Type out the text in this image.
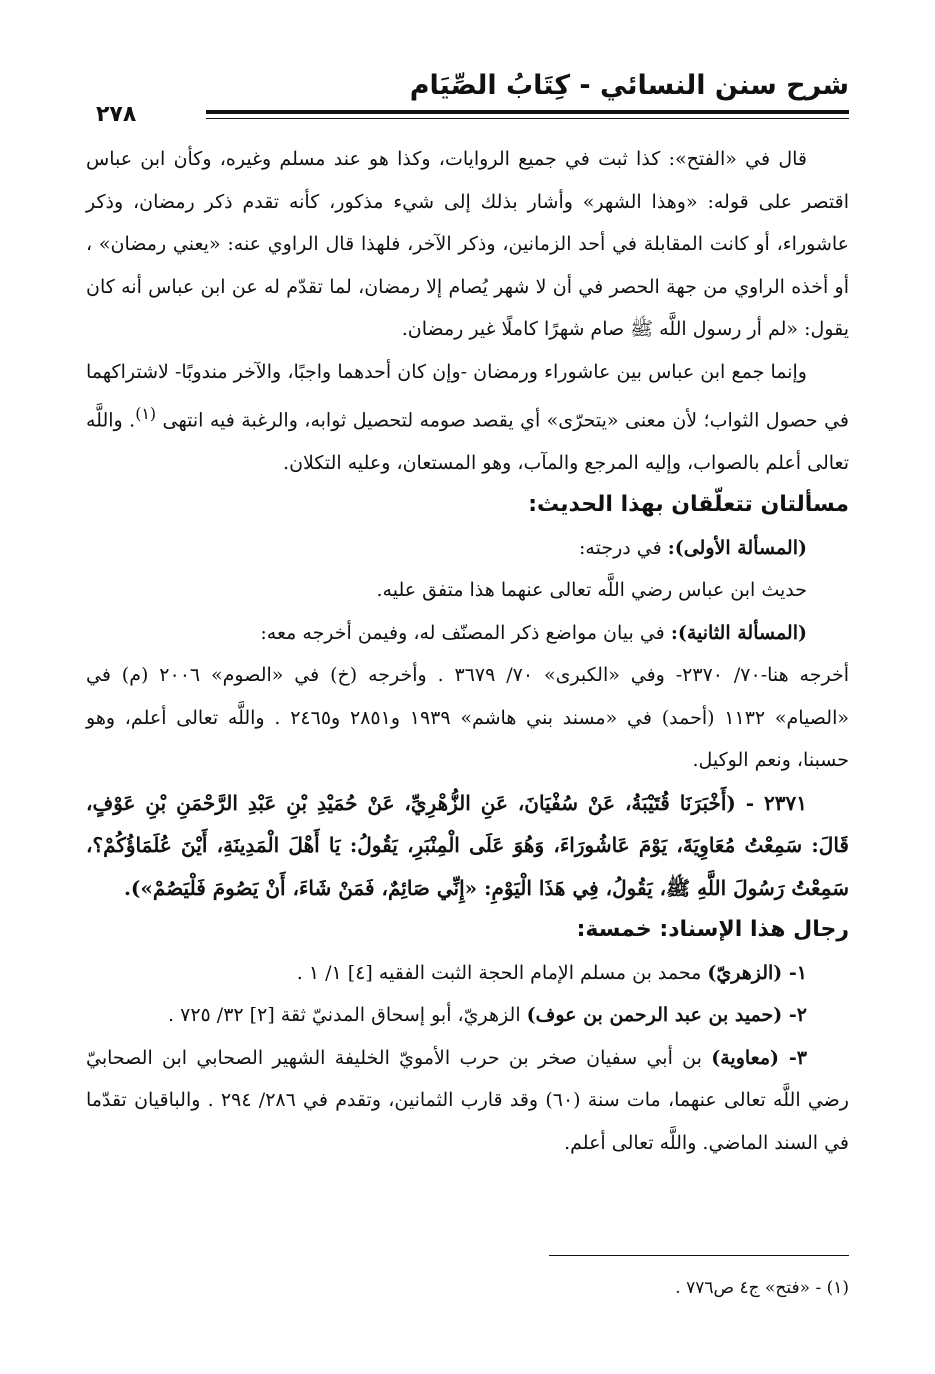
شرح سنن النسائي - كِتَابُ الصِّيَام
٢٧٨

قال في «الفتح»: كذا ثبت في جميع الروايات، وكذا هو عند مسلم وغيره، وكأن ابن عباس اقتصر على قوله: «وهذا الشهر» وأشار بذلك إلى شيء مذكور، كأنه تقدم ذكر رمضان، وذكر عاشوراء، أو كانت المقابلة في أحد الزمانين، وذكر الآخر، فلهذا قال الراوي عنه: «يعني رمضان» ، أو أخذه الراوي من جهة الحصر في أن لا شهر يُصام إلا رمضان، لما تقدّم له عن ابن عباس أنه كان يقول: «لم أر رسول اللَّه ﷺ صام شهرًا كاملًا غير رمضان.

وإنما جمع ابن عباس بين عاشوراء ورمضان -وإن كان أحدهما واجبًا، والآخر مندوبًا- لاشتراكهما في حصول الثواب؛ لأن معنى «يتحرّى» أي يقصد صومه لتحصيل ثوابه، والرغبة فيه انتهى $^{(١)}$. واللَّه تعالى أعلم بالصواب، وإليه المرجع والمآب، وهو المستعان، وعليه التكلان.

مسألتان تتعلّقان بهذا الحديث:

(المسألة الأولى): في درجته:

حديث ابن عباس رضي اللَّه تعالى عنهما هذا متفق عليه.

(المسألة الثانية): في بيان مواضع ذكر المصنّف له، وفيمن أخرجه معه:

أخرجه هنا-٧٠/ ٢٣٧٠- وفي «الكبرى» ٧٠/ ٣٦٧٩ . وأخرجه (خ) في «الصوم» ٢٠٠٦ (م) في «الصيام» ١١٣٢ (أحمد) في «مسند بني هاشم» ١٩٣٩ و٢٨٥١ و٢٤٦٥ . واللَّه تعالى أعلم، وهو حسبنا، ونعم الوكيل.

٢٣٧١ - (أَخْبَرَنَا قُتَيْبَةُ، عَنْ سُفْيَانَ، عَنِ الزُّهْرِيِّ، عَنْ حُمَيْدِ بْنِ عَبْدِ الرَّحْمَنِ بْنِ عَوْفٍ، قَالَ: سَمِعْتُ مُعَاوِيَةَ، يَوْمَ عَاشُورَاءَ، وَهُوَ عَلَى الْمِنْبَرِ، يَقُولُ: يَا أَهْلَ الْمَدِينَةِ، أَيْنَ عُلَمَاؤُكُمْ؟، سَمِعْتُ رَسُولَ اللَّهِ ﷺ، يَقُولُ، فِي هَذَا الْيَوْمِ: «إِنِّي صَائِمٌ، فَمَنْ شَاءَ، أَنْ يَصُومَ فَلْيَصُمْ»).

رجال هذا الإسناد: خمسة:

١- (الزهريّ) محمد بن مسلم الإمام الحجة الثبت الفقيه [٤] ١/ ١ .

٢- (حميد بن عبد الرحمن بن عوف) الزهريّ، أبو إسحاق المدنيّ ثقة [٢] ٣٢/ ٧٢٥ .

٣- (معاوية) بن أبي سفيان صخر بن حرب الأمويّ الخليفة الشهير الصحابي ابن الصحابيّ رضي اللَّه تعالى عنهما، مات سنة (٦٠) وقد قارب الثمانين، وتقدم في ٢٨٦/ ٢٩٤ . والباقيان تقدّما في السند الماضي. واللَّه تعالى أعلم.

(١) - «فتح» ج٤ ص٧٧٦ .
